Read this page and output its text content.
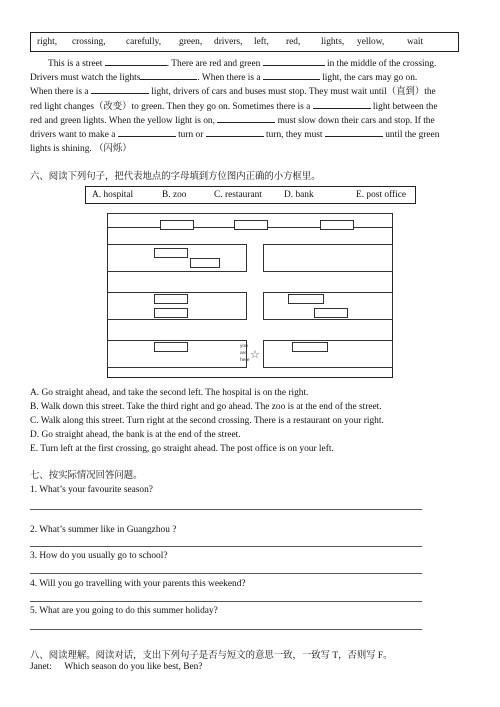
right, crossing, carefully, green, drivers, left, red, lights, yellow, wait
This is a street	. There are red and green	in the middle of the crossing.
Drivers must watch the lights	. When there is a	light, the cars may go on.
When there is a	light, drivers of cars and buses must stop. They must wait until（直到）the
red light changes（改变）to green. Then they go on. Sometimes there is a	light between the
red and green lights. When the yellow light is on,	must slow down their cars and stop. If the
drivers want to make a	turn or	turn, they must	until the green
lights is shining. （闪烁）
六、阅读下列句子，把代表地点的字母填到方位图内正确的小方框里。
A. hospital	B. zoo	C. restaurant D. bank	E. post office
you
are
here ☆
A. Go straight ahead, and take the second left. The hospital is on the right.
B. Walk down this street. Take the third right and go ahead. The zoo is at the end of the street.
C. Walk along this street. Turn right at the second crossing. There is a restaurant on your right.
D. Go straight ahead, the bank is at the end of the street.
E. Turn left at the first crossing, go straight ahead. The post office is on your left.
七、按实际情况回答问题。
1. What’s your favourite season?
2. What’s summer like in Guangzhou ?
3. How do you usually go to school?
4. Will you go travelling with your parents this weekend?
5. What are you going to do this summer holiday?
八、阅读理解。阅读对话，支出下列句子是否与短文的意思一致，一致写 T，否则写 F。
Janet: Which season do you like best, Ben?
